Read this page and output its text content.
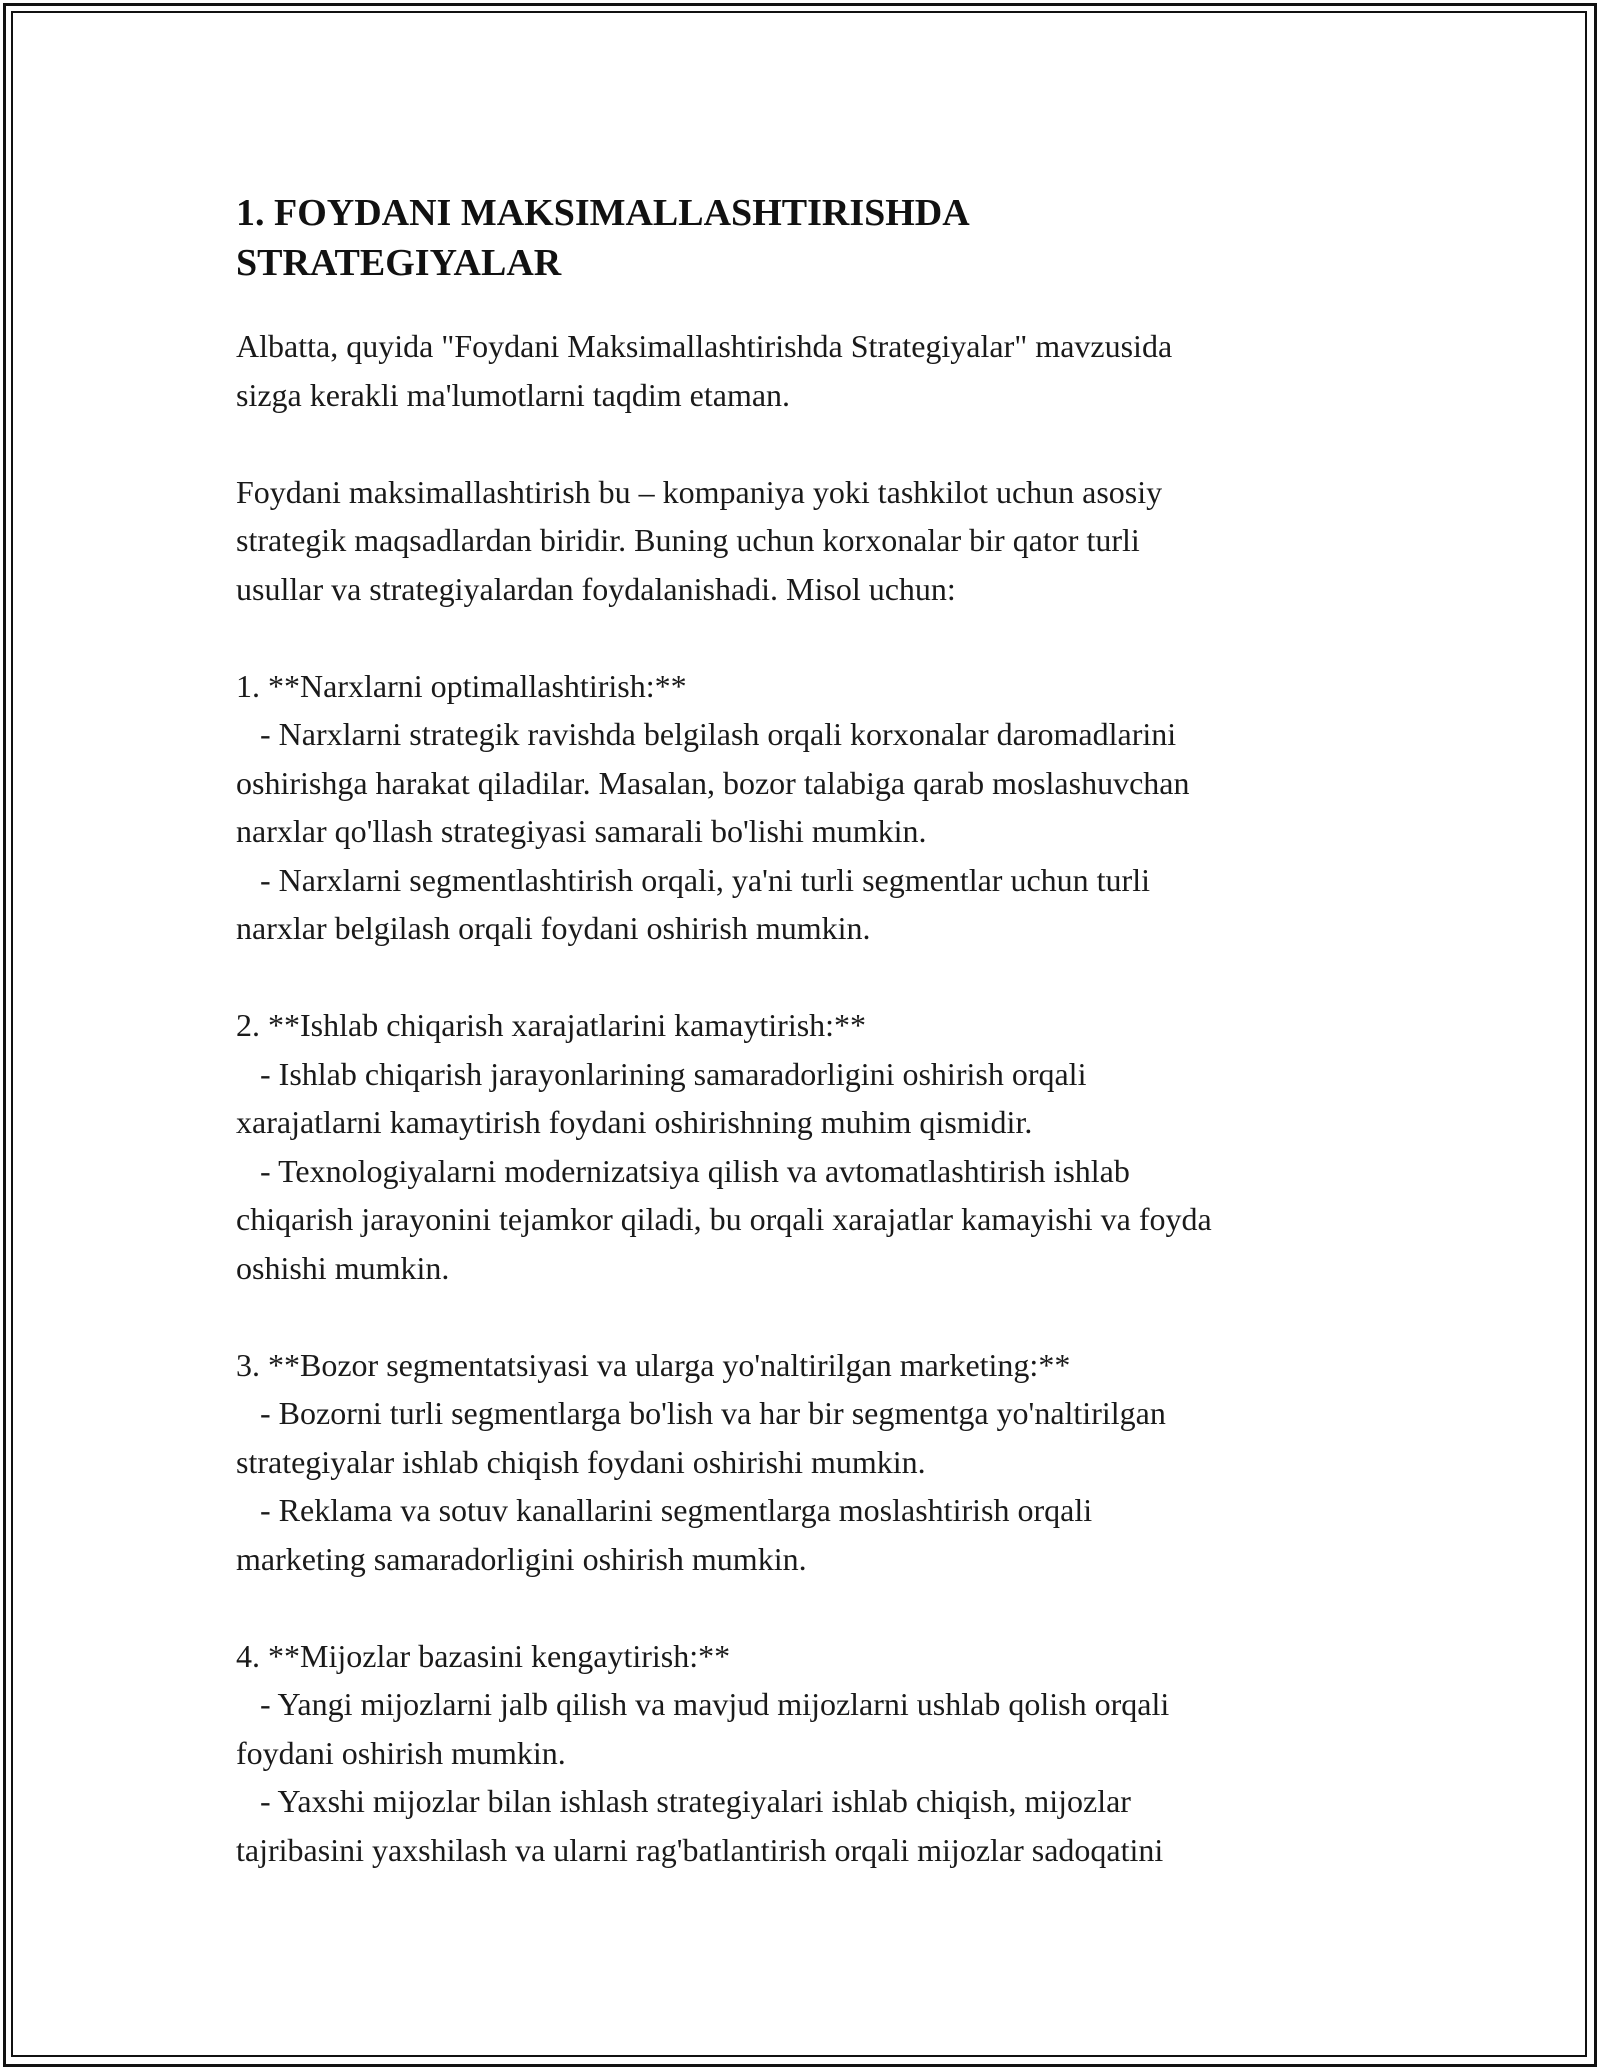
1. FOYDANI MAKSIMALLASHTIRISHDA
STRATEGIYALAR
Albatta, quyida "Foydani Maksimallashtirishda Strategiyalar" mavzusida
sizga kerakli ma'lumotlarni taqdim etaman.
Foydani maksimallashtirish bu – kompaniya yoki tashkilot uchun asosiy
strategik maqsadlardan biridir. Buning uchun korxonalar bir qator turli
usullar va strategiyalardan foydalanishadi. Misol uchun:
1. **Narxlarni optimallashtirish:**
- Narxlarni strategik ravishda belgilash orqali korxonalar daromadlarini
oshirishga harakat qiladilar. Masalan, bozor talabiga qarab moslashuvchan
narxlar qo'llash strategiyasi samarali bo'lishi mumkin.
- Narxlarni segmentlashtirish orqali, ya'ni turli segmentlar uchun turli
narxlar belgilash orqali foydani oshirish mumkin.
2. **Ishlab chiqarish xarajatlarini kamaytirish:**
- Ishlab chiqarish jarayonlarining samaradorligini oshirish orqali
xarajatlarni kamaytirish foydani oshirishning muhim qismidir.
- Texnologiyalarni modernizatsiya qilish va avtomatlashtirish ishlab
chiqarish jarayonini tejamkor qiladi, bu orqali xarajatlar kamayishi va foyda
oshishi mumkin.
3. **Bozor segmentatsiyasi va ularga yo'naltirilgan marketing:**
- Bozorni turli segmentlarga bo'lish va har bir segmentga yo'naltirilgan
strategiyalar ishlab chiqish foydani oshirishi mumkin.
- Reklama va sotuv kanallarini segmentlarga moslashtirish orqali
marketing samaradorligini oshirish mumkin.
4. **Mijozlar bazasini kengaytirish:**
- Yangi mijozlarni jalb qilish va mavjud mijozlarni ushlab qolish orqali
foydani oshirish mumkin.
- Yaxshi mijozlar bilan ishlash strategiyalari ishlab chiqish, mijozlar
tajribasini yaxshilash va ularni rag'batlantirish orqali mijozlar sadoqatini
